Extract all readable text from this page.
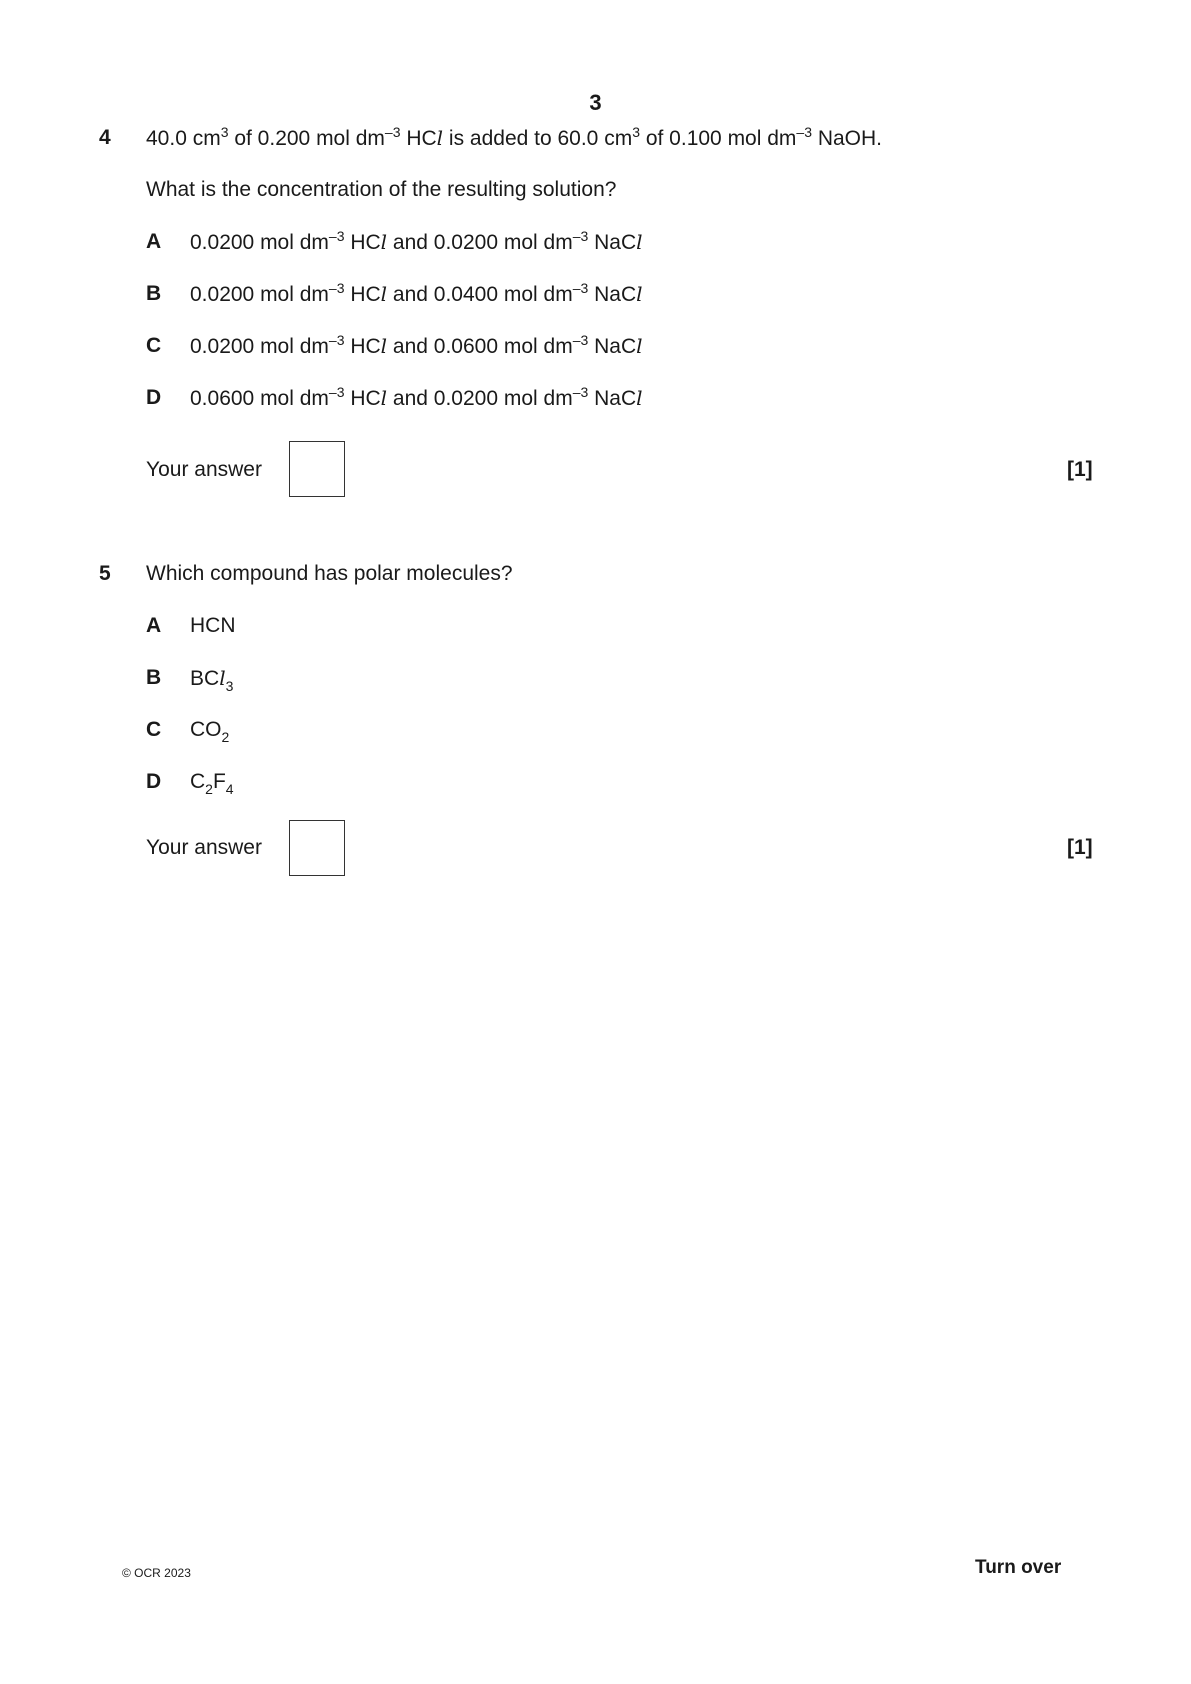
3
4 40.0 $cm^3$ of 0.200 mol $dm^{-3}$ HCl is added to 60.0 $cm^3$ of 0.100 mol $dm^{-3}$ NaOH.
What is the concentration of the resulting solution?
A 0.0200 mol $dm^{-3}$ HCl and 0.0200 mol $dm^{-3}$ NaCl
B 0.0200 mol $dm^{-3}$ HCl and 0.0400 mol $dm^{-3}$ NaCl
C 0.0200 mol $dm^{-3}$ HCl and 0.0600 mol $dm^{-3}$ NaCl
D 0.0600 mol $dm^{-3}$ HCl and 0.0200 mol $dm^{-3}$ NaCl
Your answer	[1]
5 Which compound has polar molecules?
A HCN
B BCl$_3$
C $CO_2$
D $C_2F_4$
Your answer	[1]
© OCR 2023	Turn over
